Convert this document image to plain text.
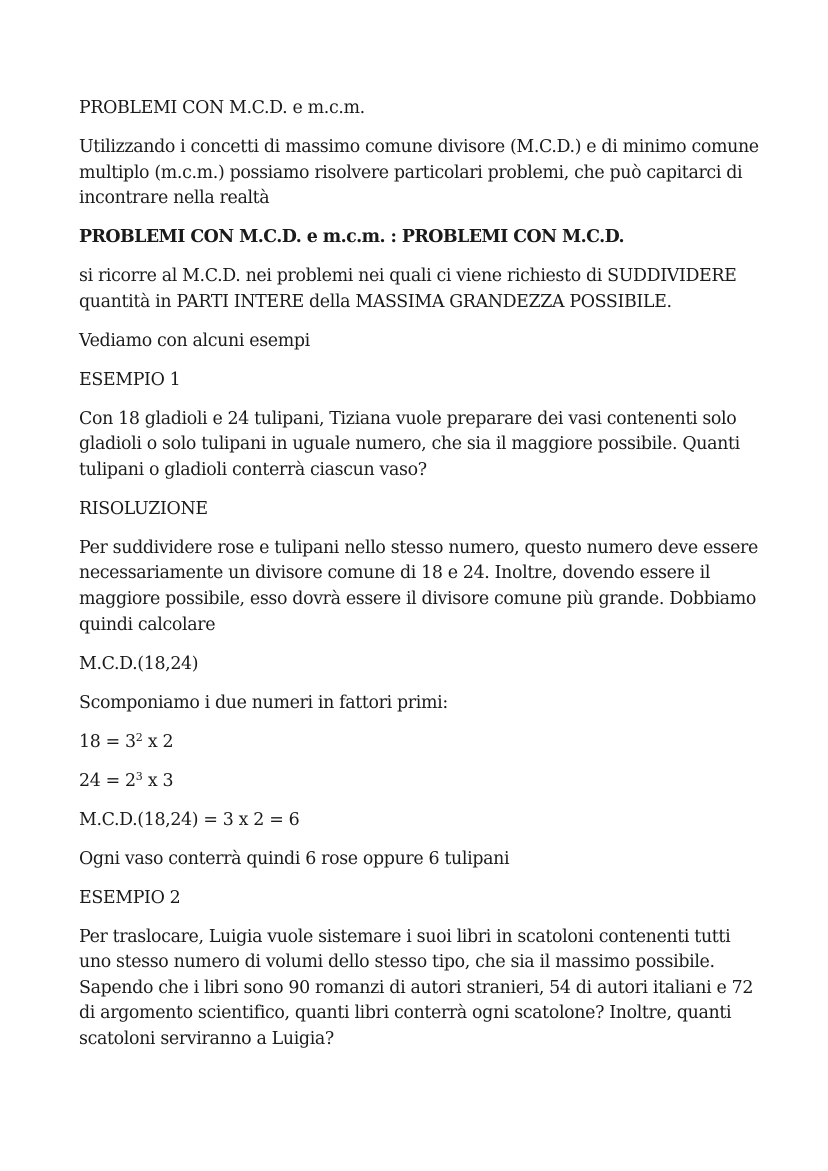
PROBLEMI CON M.C.D. e m.c.m.

Utilizzando i concetti di massimo comune divisore (M.C.D.) e di minimo comune multiplo (m.c.m.) possiamo risolvere particolari problemi, che può capitarci di incontrare nella realtà

PROBLEMI CON M.C.D. e m.c.m. : PROBLEMI CON M.C.D.

si ricorre al M.C.D. nei problemi nei quali ci viene richiesto di SUDDIVIDERE quantità in PARTI INTERE della MASSIMA GRANDEZZA POSSIBILE.

Vediamo con alcuni esempi

ESEMPIO 1

Con 18 gladioli e 24 tulipani, Tiziana vuole preparare dei vasi contenenti solo gladioli o solo tulipani in uguale numero, che sia il maggiore possibile. Quanti tulipani o gladioli conterrà ciascun vaso?

RISOLUZIONE

Per suddividere rose e tulipani nello stesso numero, questo numero deve essere necessariamente un divisore comune di 18 e 24. Inoltre, dovendo essere il maggiore possibile, esso dovrà essere il divisore comune più grande. Dobbiamo quindi calcolare

M.C.D.(18,24)

Scomponiamo i due numeri in fattori primi:

$18 = 3^2$ x 2

$24 = 2^3$ x 3

M.C.D.(18,24) = 3 x 2 = 6

Ogni vaso conterrà quindi 6 rose oppure 6 tulipani

ESEMPIO 2

Per traslocare, Luigia vuole sistemare i suoi libri in scatoloni contenenti tutti uno stesso numero di volumi dello stesso tipo, che sia il massimo possibile. Sapendo che i libri sono 90 romanzi di autori stranieri, 54 di autori italiani e 72 di argomento scientifico, quanti libri conterrà ogni scatolone? Inoltre, quanti scatoloni serviranno a Luigia?
